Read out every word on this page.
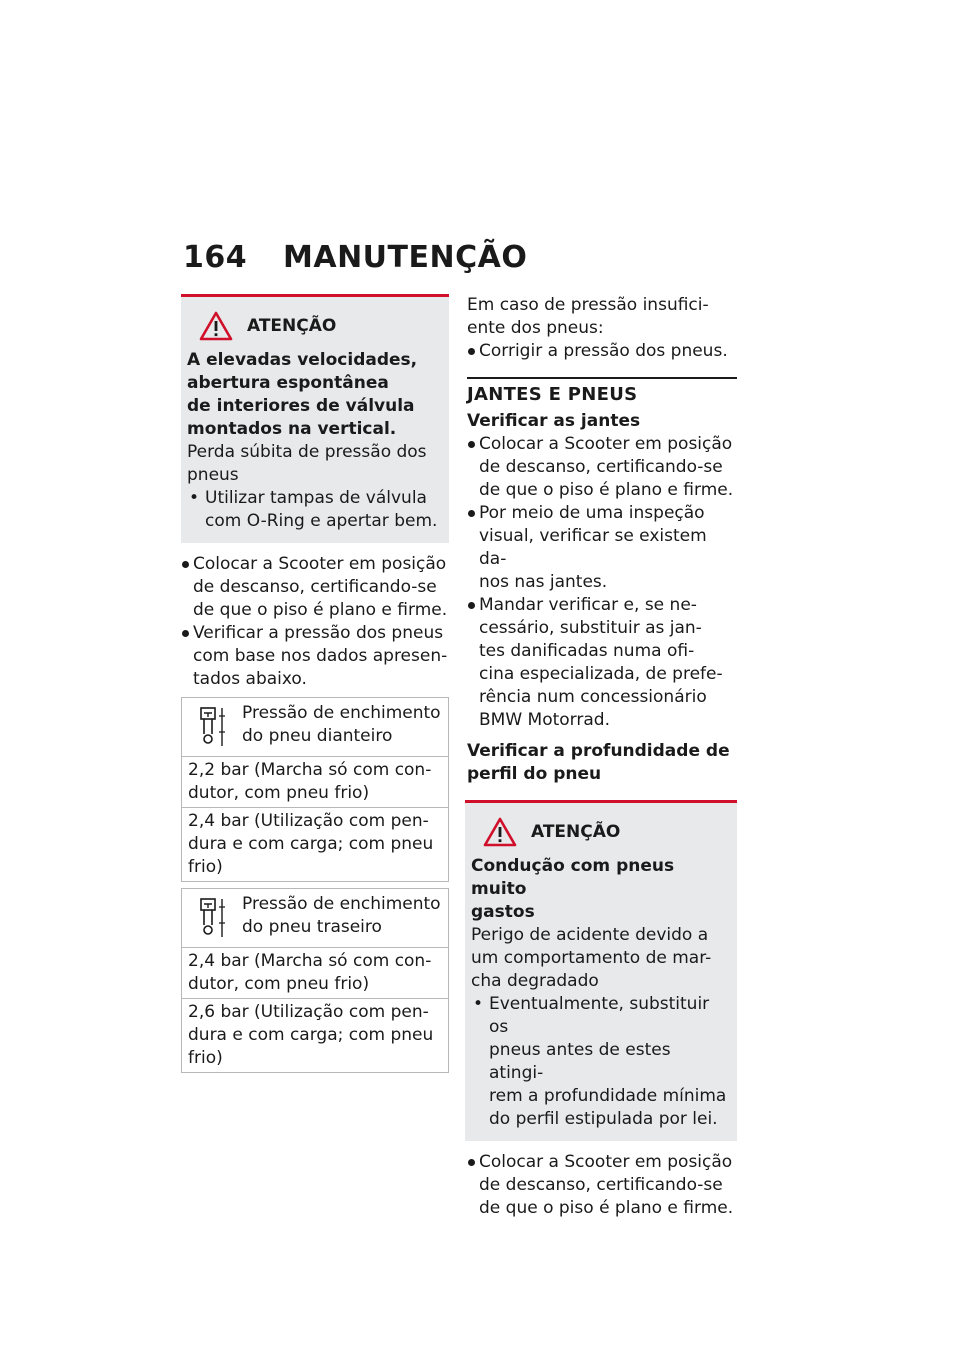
164 MANUTENÇÃO
ATENÇÃO
A elevadas velocidades,
abertura espontânea
de interiores de válvula
montados na vertical.
Perda súbita de pressão dos
pneus
• Utilizar tampas de válvula
com O-Ring e apertar bem.
Colocar a Scooter em posição
de descanso, certificando-se
de que o piso é plano e firme.
Verificar a pressão dos pneus
com base nos dados apresen-
tados abaixo.
Pressão de enchimento
do pneu dianteiro
2,2 bar (Marcha só com con-
dutor, com pneu frio)
2,4 bar (Utilização com pen-
dura e com carga; com pneu
frio)
Pressão de enchimento
do pneu traseiro
2,4 bar (Marcha só com con-
dutor, com pneu frio)
2,6 bar (Utilização com pen-
dura e com carga; com pneu
frio)
Em caso de pressão insufici-
ente dos pneus:
Corrigir a pressão dos pneus.
JANTES E PNEUS
Verificar as jantes
Colocar a Scooter em posição
de descanso, certificando-se
de que o piso é plano e firme.
Por meio de uma inspeção
visual, verificar se existem da-
nos nas jantes.
Mandar verificar e, se ne-
cessário, substituir as jan-
tes danificadas numa ofi-
cina especializada, de prefe-
rência num concessionário
BMW Motorrad.
Verificar a profundidade de
perfil do pneu
ATENÇÃO
Condução com pneus muito
gastos
Perigo de acidente devido a
um comportamento de mar-
cha degradado
• Eventualmente, substituir os
pneus antes de estes atingi-
rem a profundidade mínima
do perfil estipulada por lei.
Colocar a Scooter em posição
de descanso, certificando-se
de que o piso é plano e firme.
